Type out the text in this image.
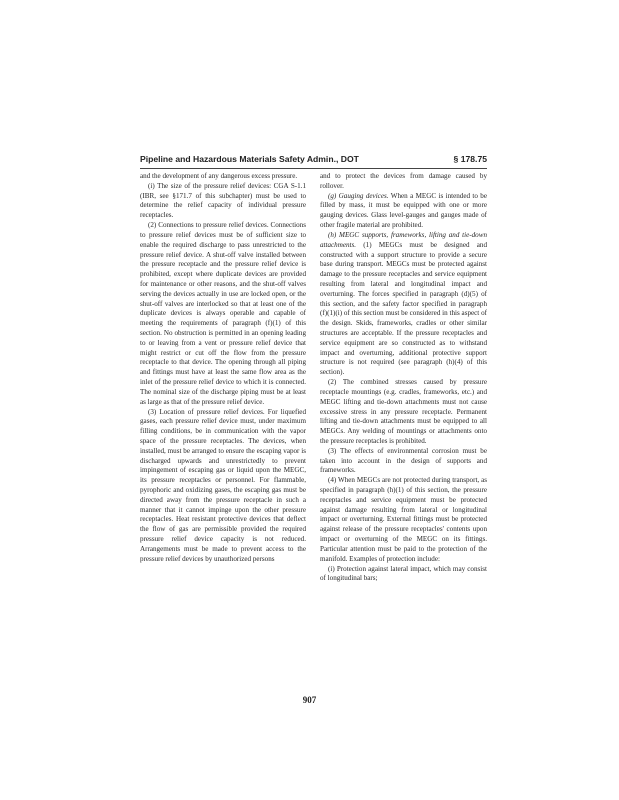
Pipeline and Hazardous Materials Safety Admin., DOT	§ 178.75

and the development of any dangerous excess pressure.

(i) The size of the pressure relief devices: CGA S-1.1 (IBR, see §171.7 of this subchapter) must be used to determine the relief capacity of individual pressure receptacles.

(2) Connections to pressure relief devices. Connections to pressure relief devices must be of sufficient size to enable the required discharge to pass unrestricted to the pressure relief device. A shut-off valve installed between the pressure receptacle and the pressure relief device is prohibited, except where duplicate devices are provided for maintenance or other reasons, and the shut-off valves serving the devices actually in use are locked open, or the shut-off valves are interlocked so that at least one of the duplicate devices is always operable and capable of meeting the requirements of paragraph (f)(1) of this section. No obstruction is permitted in an opening leading to or leaving from a vent or pressure relief device that might restrict or cut off the flow from the pressure receptacle to that device. The opening through all piping and fittings must have at least the same flow area as the inlet of the pressure relief device to which it is connected. The nominal size of the discharge piping must be at least as large as that of the pressure relief device.

(3) Location of pressure relief devices. For liquefied gases, each pressure relief device must, under maximum filling conditions, be in communication with the vapor space of the pressure receptacles. The devices, when installed, must be arranged to ensure the escaping vapor is discharged upwards and unrestrictedly to prevent impingement of escaping gas or liquid upon the MEGC, its pressure receptacles or personnel. For flammable, pyrophoric and oxidizing gases, the escaping gas must be directed away from the pressure receptacle in such a manner that it cannot impinge upon the other pressure receptacles. Heat resistant protective devices that deflect the flow of gas are permissible provided the required pressure relief device capacity is not reduced. Arrangements must be made to prevent access to the pressure relief devices by unauthorized persons

and to protect the devices from damage caused by rollover.

(g) Gauging devices. When a MEGC is intended to be filled by mass, it must be equipped with one or more gauging devices. Glass level-gauges and gauges made of other fragile material are prohibited.

(h) MEGC supports, frameworks, lifting and tie-down attachments. (1) MEGCs must be designed and constructed with a support structure to provide a secure base during transport. MEGCs must be protected against damage to the pressure receptacles and service equipment resulting from lateral and longitudinal impact and overturning. The forces specified in paragraph (d)(5) of this section, and the safety factor specified in paragraph (f)(1)(i) of this section must be considered in this aspect of the design. Skids, frameworks, cradles or other similar structures are acceptable. If the pressure receptacles and service equipment are so constructed as to withstand impact and overturning, additional protective support structure is not required (see paragraph (h)(4) of this section).

(2) The combined stresses caused by pressure receptacle mountings (e.g. cradles, frameworks, etc.) and MEGC lifting and tie-down attachments must not cause excessive stress in any pressure receptacle. Permanent lifting and tie-down attachments must be equipped to all MEGCs. Any welding of mountings or attachments onto the pressure receptacles is prohibited.

(3) The effects of environmental corrosion must be taken into account in the design of supports and frameworks.

(4) When MEGCs are not protected during transport, as specified in paragraph (h)(1) of this section, the pressure receptacles and service equipment must be protected against damage resulting from lateral or longitudinal impact or overturning. External fittings must be protected against release of the pressure receptacles' contents upon impact or overturning of the MEGC on its fittings. Particular attention must be paid to the protection of the manifold. Examples of protection include:

(i) Protection against lateral impact, which may consist of longitudinal bars;

907
